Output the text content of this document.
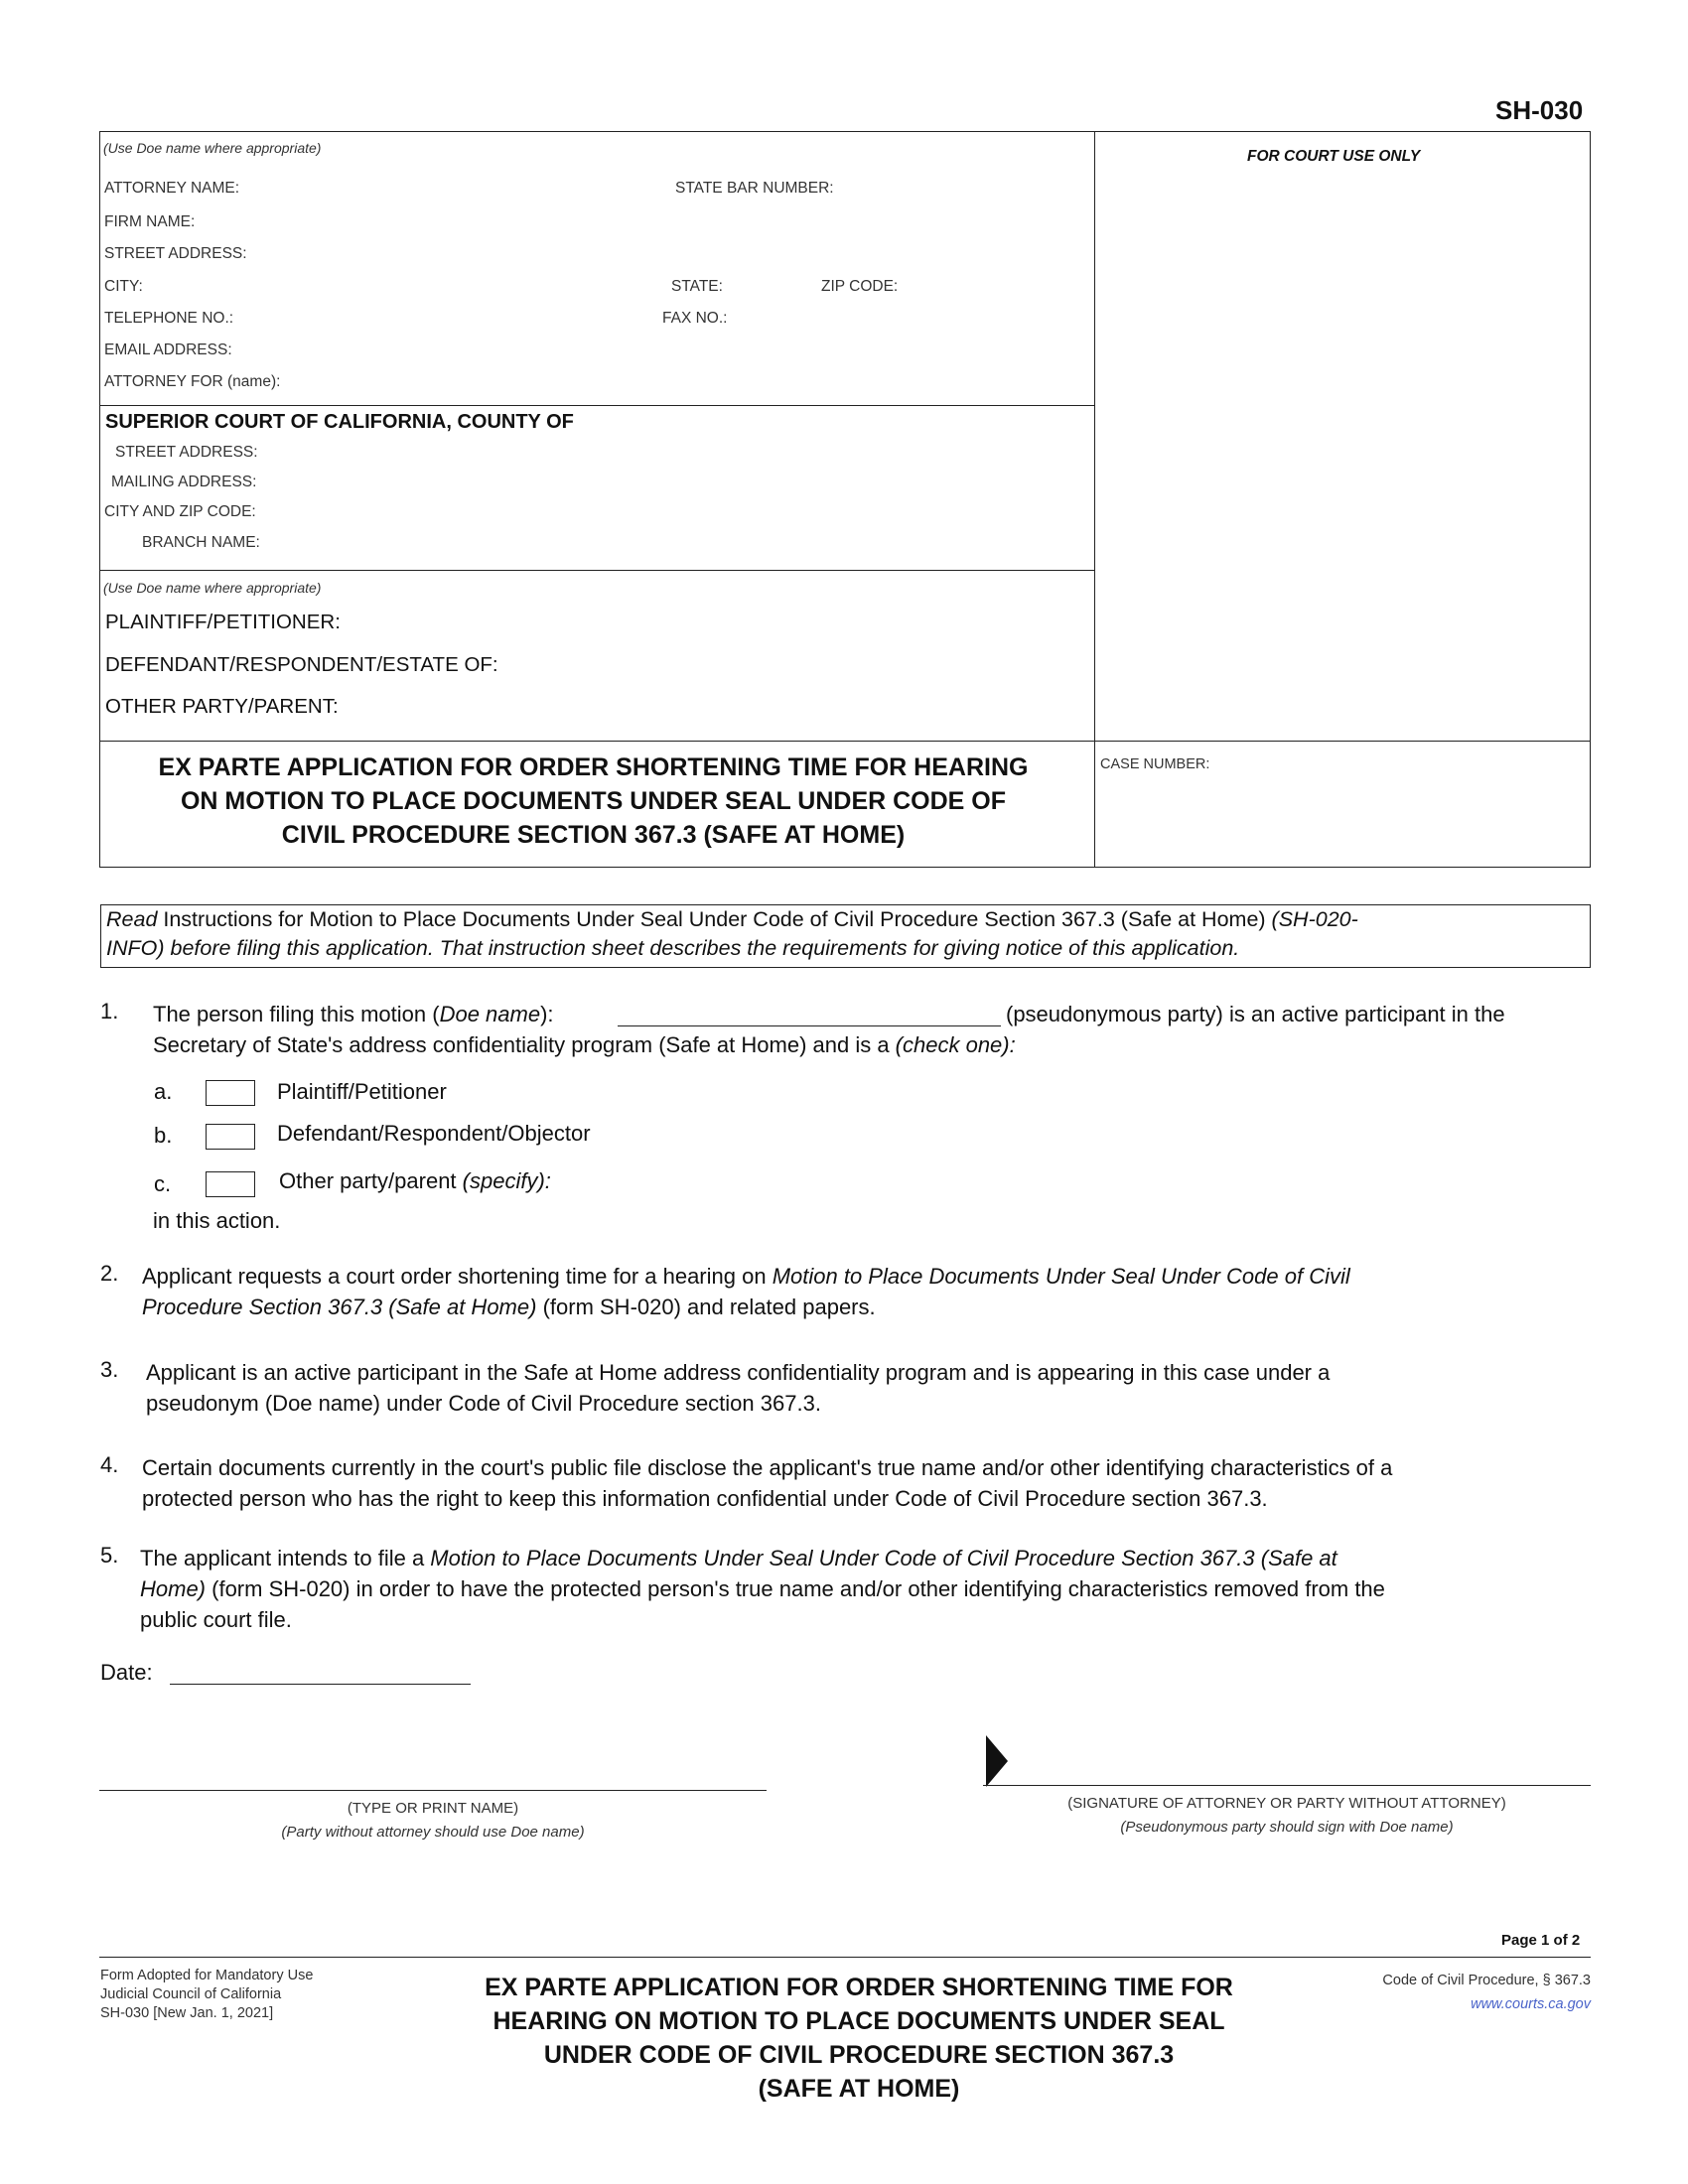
SH-030
(Use Doe name where appropriate)	FOR COURT USE ONLY
ATTORNEY NAME:	STATE BAR NUMBER:
FIRM NAME:
STREET ADDRESS:
CITY:	STATE:	ZIP CODE:
TELEPHONE NO.:	FAX NO.:
EMAIL ADDRESS:
ATTORNEY FOR (name):
SUPERIOR COURT OF CALIFORNIA, COUNTY OF
STREET ADDRESS:
MAILING ADDRESS:
CITY AND ZIP CODE:
BRANCH NAME:
(Use Doe name where appropriate)
PLAINTIFF/PETITIONER:
DEFENDANT/RESPONDENT/ESTATE OF:
OTHER PARTY/PARENT:
EX PARTE APPLICATION FOR ORDER SHORTENING TIME FOR HEARING
ON MOTION TO PLACE DOCUMENTS UNDER SEAL UNDER CODE OF
CIVIL PROCEDURE SECTION 367.3 (SAFE AT HOME)
CASE NUMBER:
Read Instructions for Motion to Place Documents Under Seal Under Code of Civil Procedure Section 367.3 (Safe at Home) (SH-020-
INFO) before filing this application. That instruction sheet describes the requirements for giving notice of this application.
1. The person filing this motion (Doe name):	(pseudonymous party) is an active participant in the
Secretary of State's address confidentiality program (Safe at Home) and is a (check one):
a.	Plaintiff/Petitioner
b.	Defendant/Respondent/Objector
c.	Other party/parent (specify):
in this action.
2. Applicant requests a court order shortening time for a hearing on Motion to Place Documents Under Seal Under Code of Civil
Procedure Section 367.3 (Safe at Home) (form SH-020) and related papers.
3. Applicant is an active participant in the Safe at Home address confidentiality program and is appearing in this case under a
pseudonym (Doe name) under Code of Civil Procedure section 367.3.
4. Certain documents currently in the court's public file disclose the applicant's true name and/or other identifying characteristics of a
protected person who has the right to keep this information confidential under Code of Civil Procedure section 367.3.
5. The applicant intends to file a Motion to Place Documents Under Seal Under Code of Civil Procedure Section 367.3 (Safe at
Home) (form SH-020) in order to have the protected person's true name and/or other identifying characteristics removed from the
public court file.
Date:
(TYPE OR PRINT NAME)
(Party without attorney should use Doe name)
(SIGNATURE OF ATTORNEY OR PARTY WITHOUT ATTORNEY)
(Pseudonymous party should sign with Doe name)
Page 1 of 2
Form Adopted for Mandatory Use
Judicial Council of California
SH-030 [New Jan. 1, 2021]
EX PARTE APPLICATION FOR ORDER SHORTENING TIME FOR
HEARING ON MOTION TO PLACE DOCUMENTS UNDER SEAL
UNDER CODE OF CIVIL PROCEDURE SECTION 367.3
(SAFE AT HOME)
Code of Civil Procedure, § 367.3
www.courts.ca.gov
